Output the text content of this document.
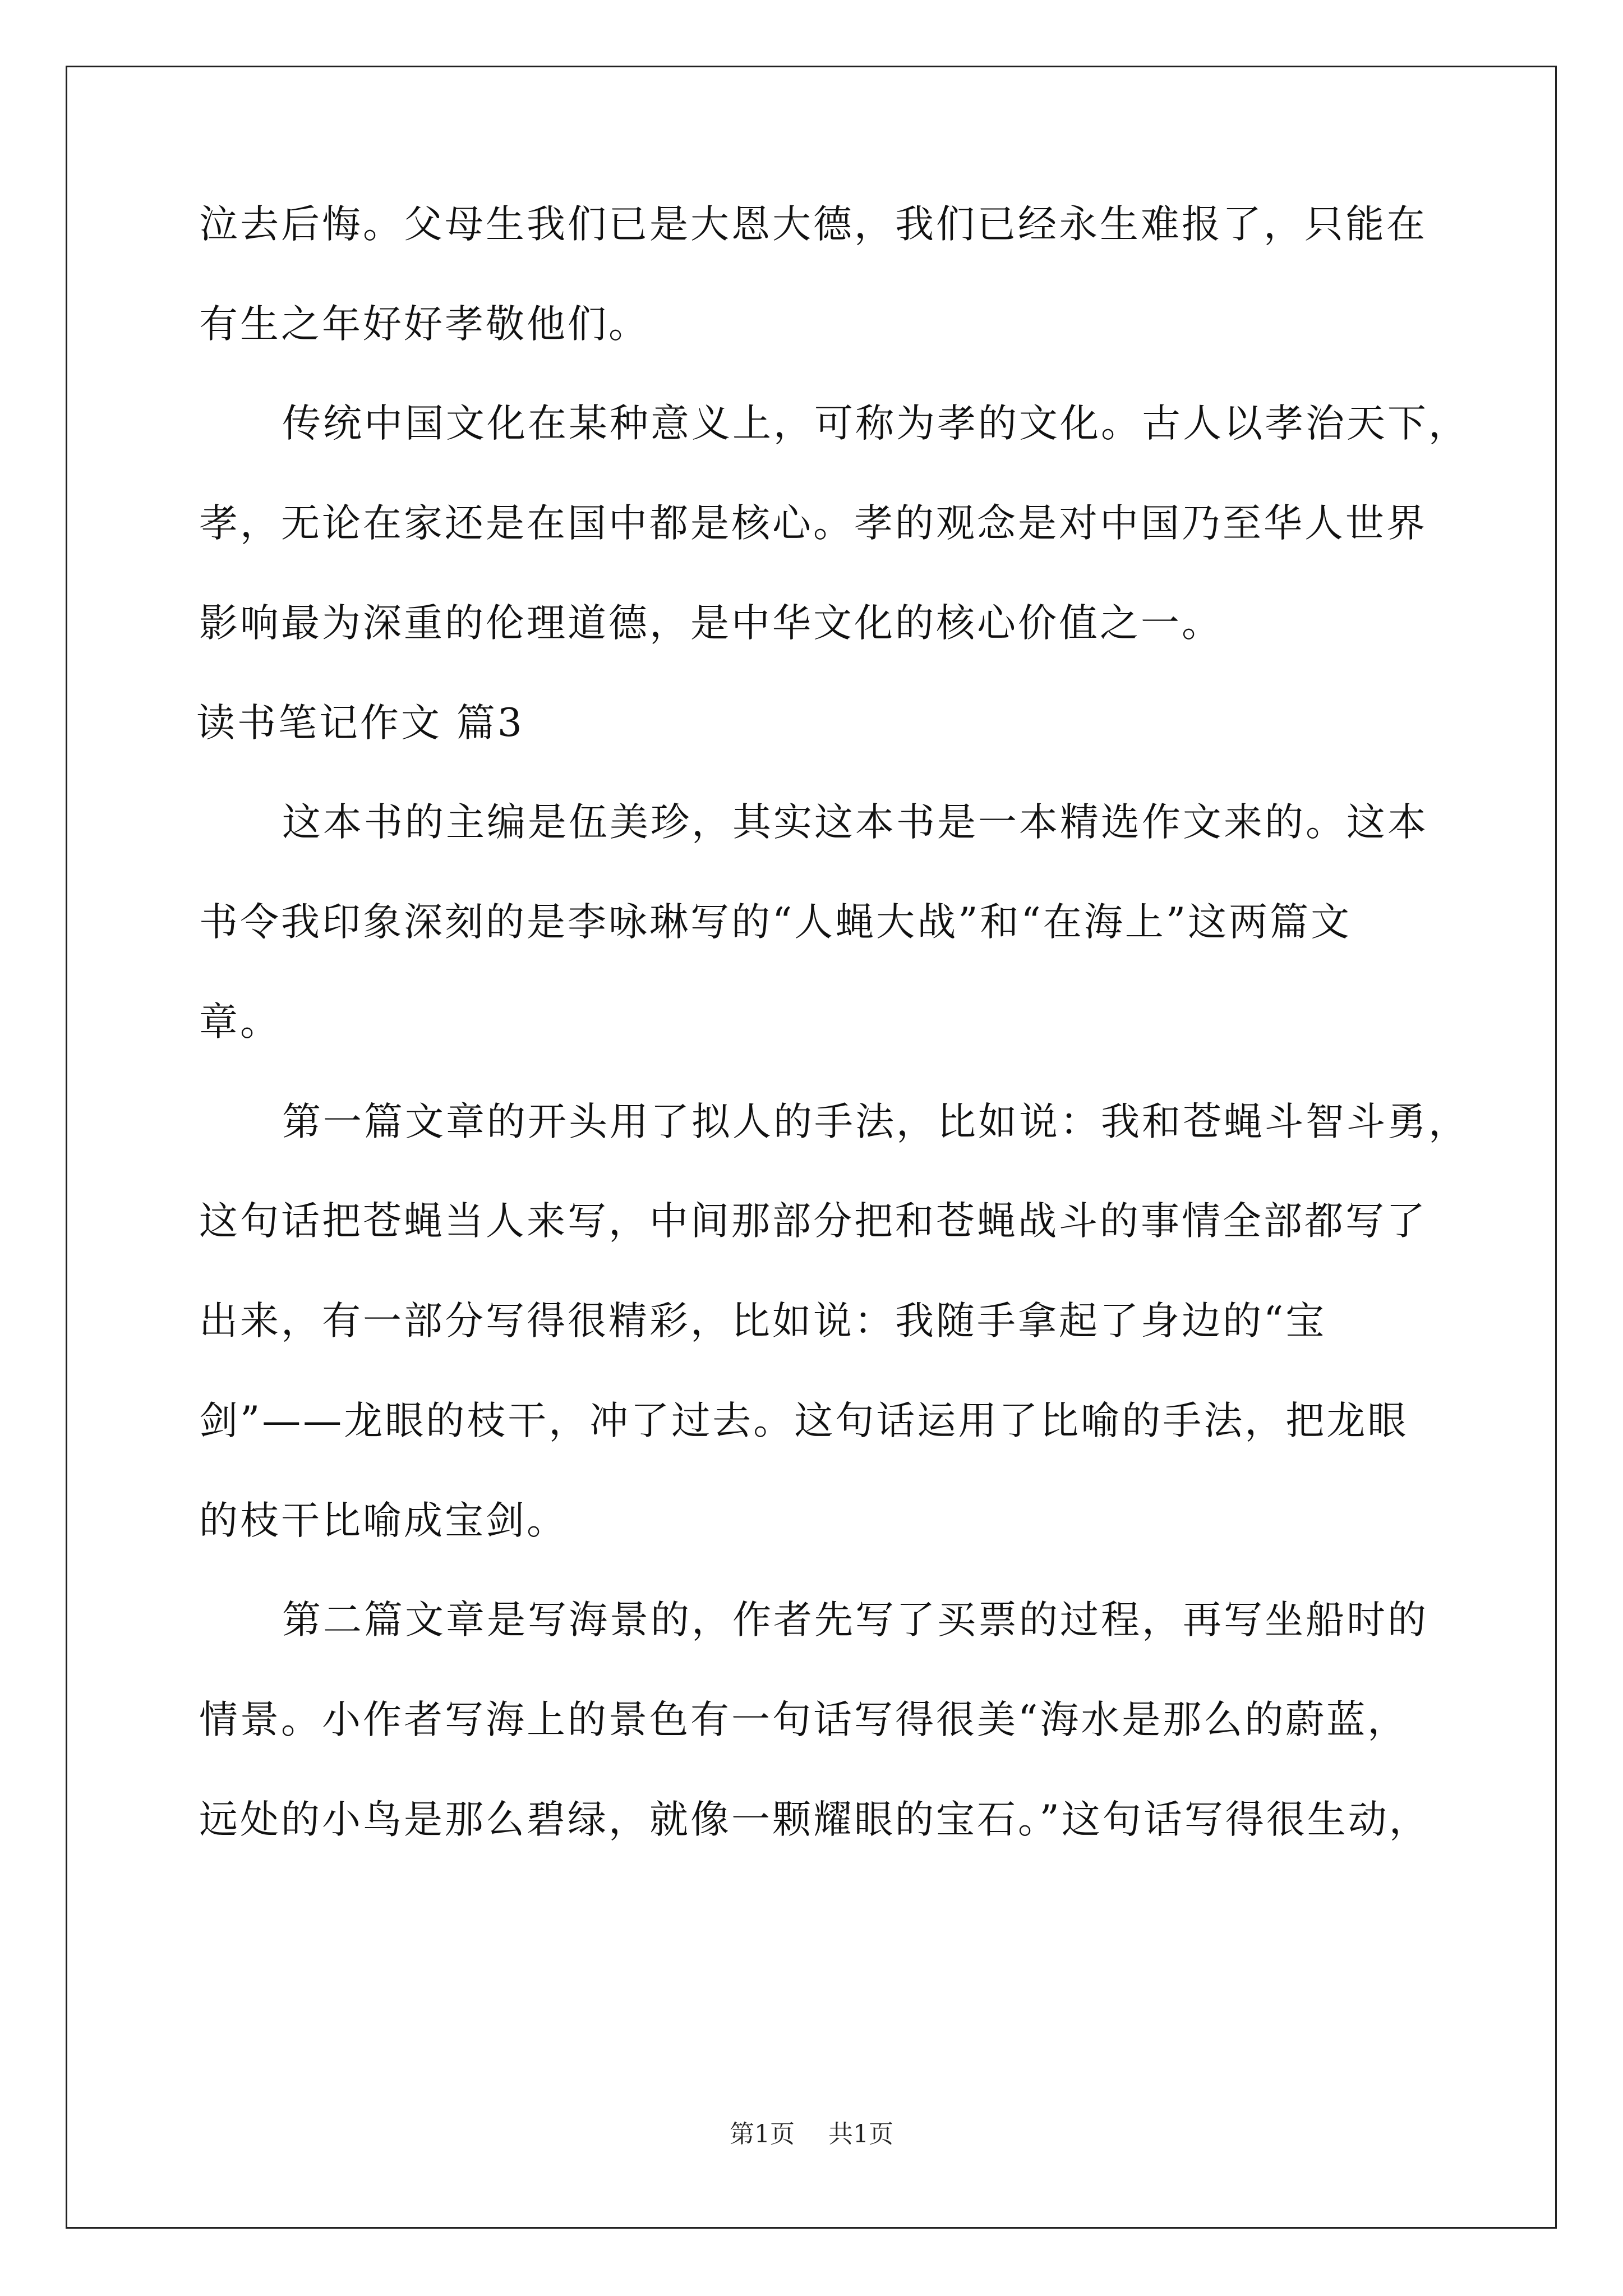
泣去后悔。父母生我们已是大恩大德，我们已经永生难报了，只能在
有生之年好好孝敬他们。
传统中国文化在某种意义上，可称为孝的文化。古人以孝治天下，
孝，无论在家还是在国中都是核心。孝的观念是对中国乃至华人世界
影响最为深重的伦理道德，是中华文化的核心价值之一。
读书笔记作文 篇3
这本书的主编是伍美珍，其实这本书是一本精选作文来的。这本
书令我印象深刻的是李咏琳写的“人蝇大战”和“在海上”这两篇文
章。
第一篇文章的开头用了拟人的手法，比如说：我和苍蝇斗智斗勇，
这句话把苍蝇当人来写，中间那部分把和苍蝇战斗的事情全部都写了
出来，有一部分写得很精彩，比如说：我随手拿起了身边的“宝
剑”——龙眼的枝干，冲了过去。这句话运用了比喻的手法，把龙眼
的枝干比喻成宝剑。
第二篇文章是写海景的，作者先写了买票的过程，再写坐船时的
情景。小作者写海上的景色有一句话写得很美“海水是那么的蔚蓝，
远处的小鸟是那么碧绿，就像一颗耀眼的宝石。”这句话写得很生动，
第1页 共1页
